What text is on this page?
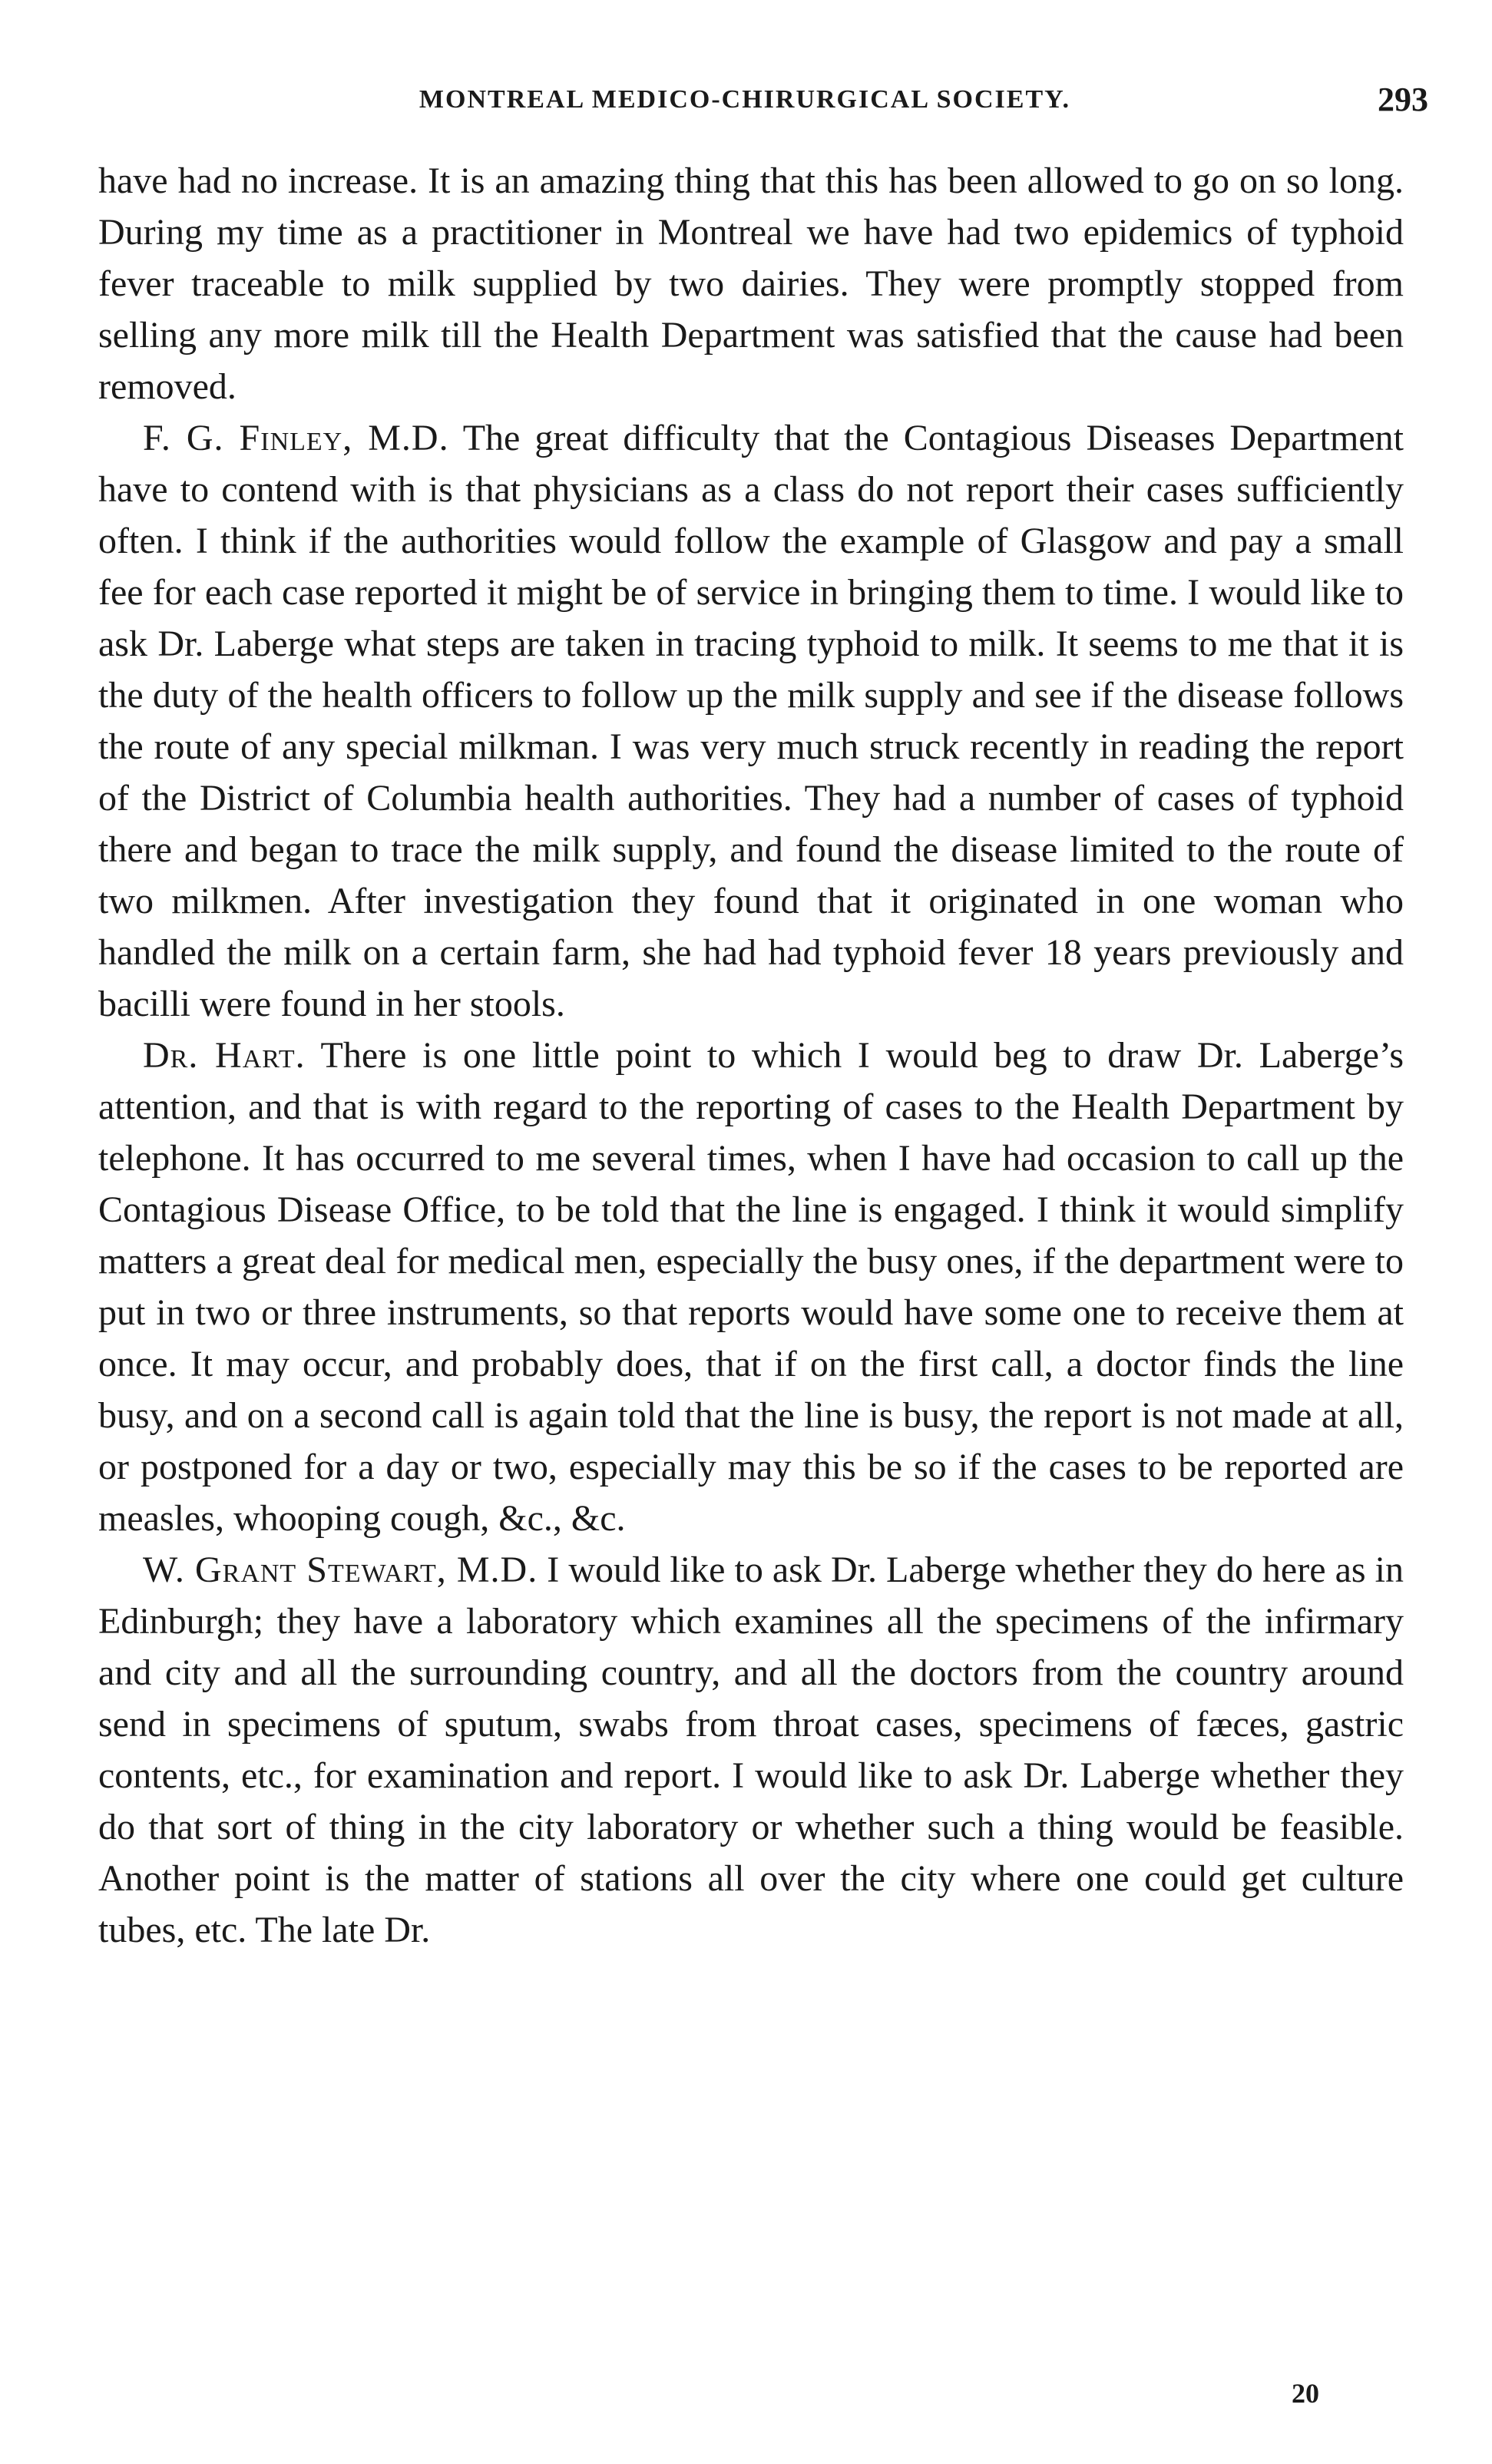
MONTREAL MEDICO-CHIRURGICAL SOCIETY.	293

have had no increase. It is an amazing thing that this has been allowed to go on so long. During my time as a practitioner in Montreal we have had two epidemics of typhoid fever traceable to milk supplied by two dairies. They were promptly stopped from selling any more milk till the Health Department was satisfied that the cause had been removed.

F. G. Finley, M.D. The great difficulty that the Contagious Diseases Department have to contend with is that physicians as a class do not report their cases sufficiently often. I think if the authorities would follow the example of Glasgow and pay a small fee for each case reported it might be of service in bringing them to time. I would like to ask Dr. Laberge what steps are taken in tracing typhoid to milk. It seems to me that it is the duty of the health officers to follow up the milk supply and see if the disease follows the route of any special milkman. I was very much struck recently in reading the report of the District of Columbia health authorities. They had a number of cases of typhoid there and began to trace the milk supply, and found the disease limited to the route of two milkmen. After investigation they found that it originated in one woman who handled the milk on a certain farm, she had had typhoid fever 18 years previously and bacilli were found in her stools.

Dr. Hart. There is one little point to which I would beg to draw Dr. Laberge’s attention, and that is with regard to the reporting of cases to the Health Department by telephone. It has occurred to me several times, when I have had occasion to call up the Contagious Disease Office, to be told that the line is engaged. I think it would simplify matters a great deal for medical men, especially the busy ones, if the department were to put in two or three instruments, so that reports would have some one to receive them at once. It may occur, and probably does, that if on the first call, a doctor finds the line busy, and on a second call is again told that the line is busy, the report is not made at all, or postponed for a day or two, especially may this be so if the cases to be reported are measles, whooping cough, &c., &c.

W. Grant Stewart, M.D. I would like to ask Dr. Laberge whether they do here as in Edinburgh; they have a laboratory which examines all the specimens of the infirmary and city and all the surrounding country, and all the doctors from the country around send in specimens of sputum, swabs from throat cases, specimens of fæces, gastric contents, etc., for examination and report. I would like to ask Dr. Laberge whether they do that sort of thing in the city laboratory or whether such a thing would be feasible. Another point is the matter of stations all over the city where one could get culture tubes, etc. The late Dr.

20
